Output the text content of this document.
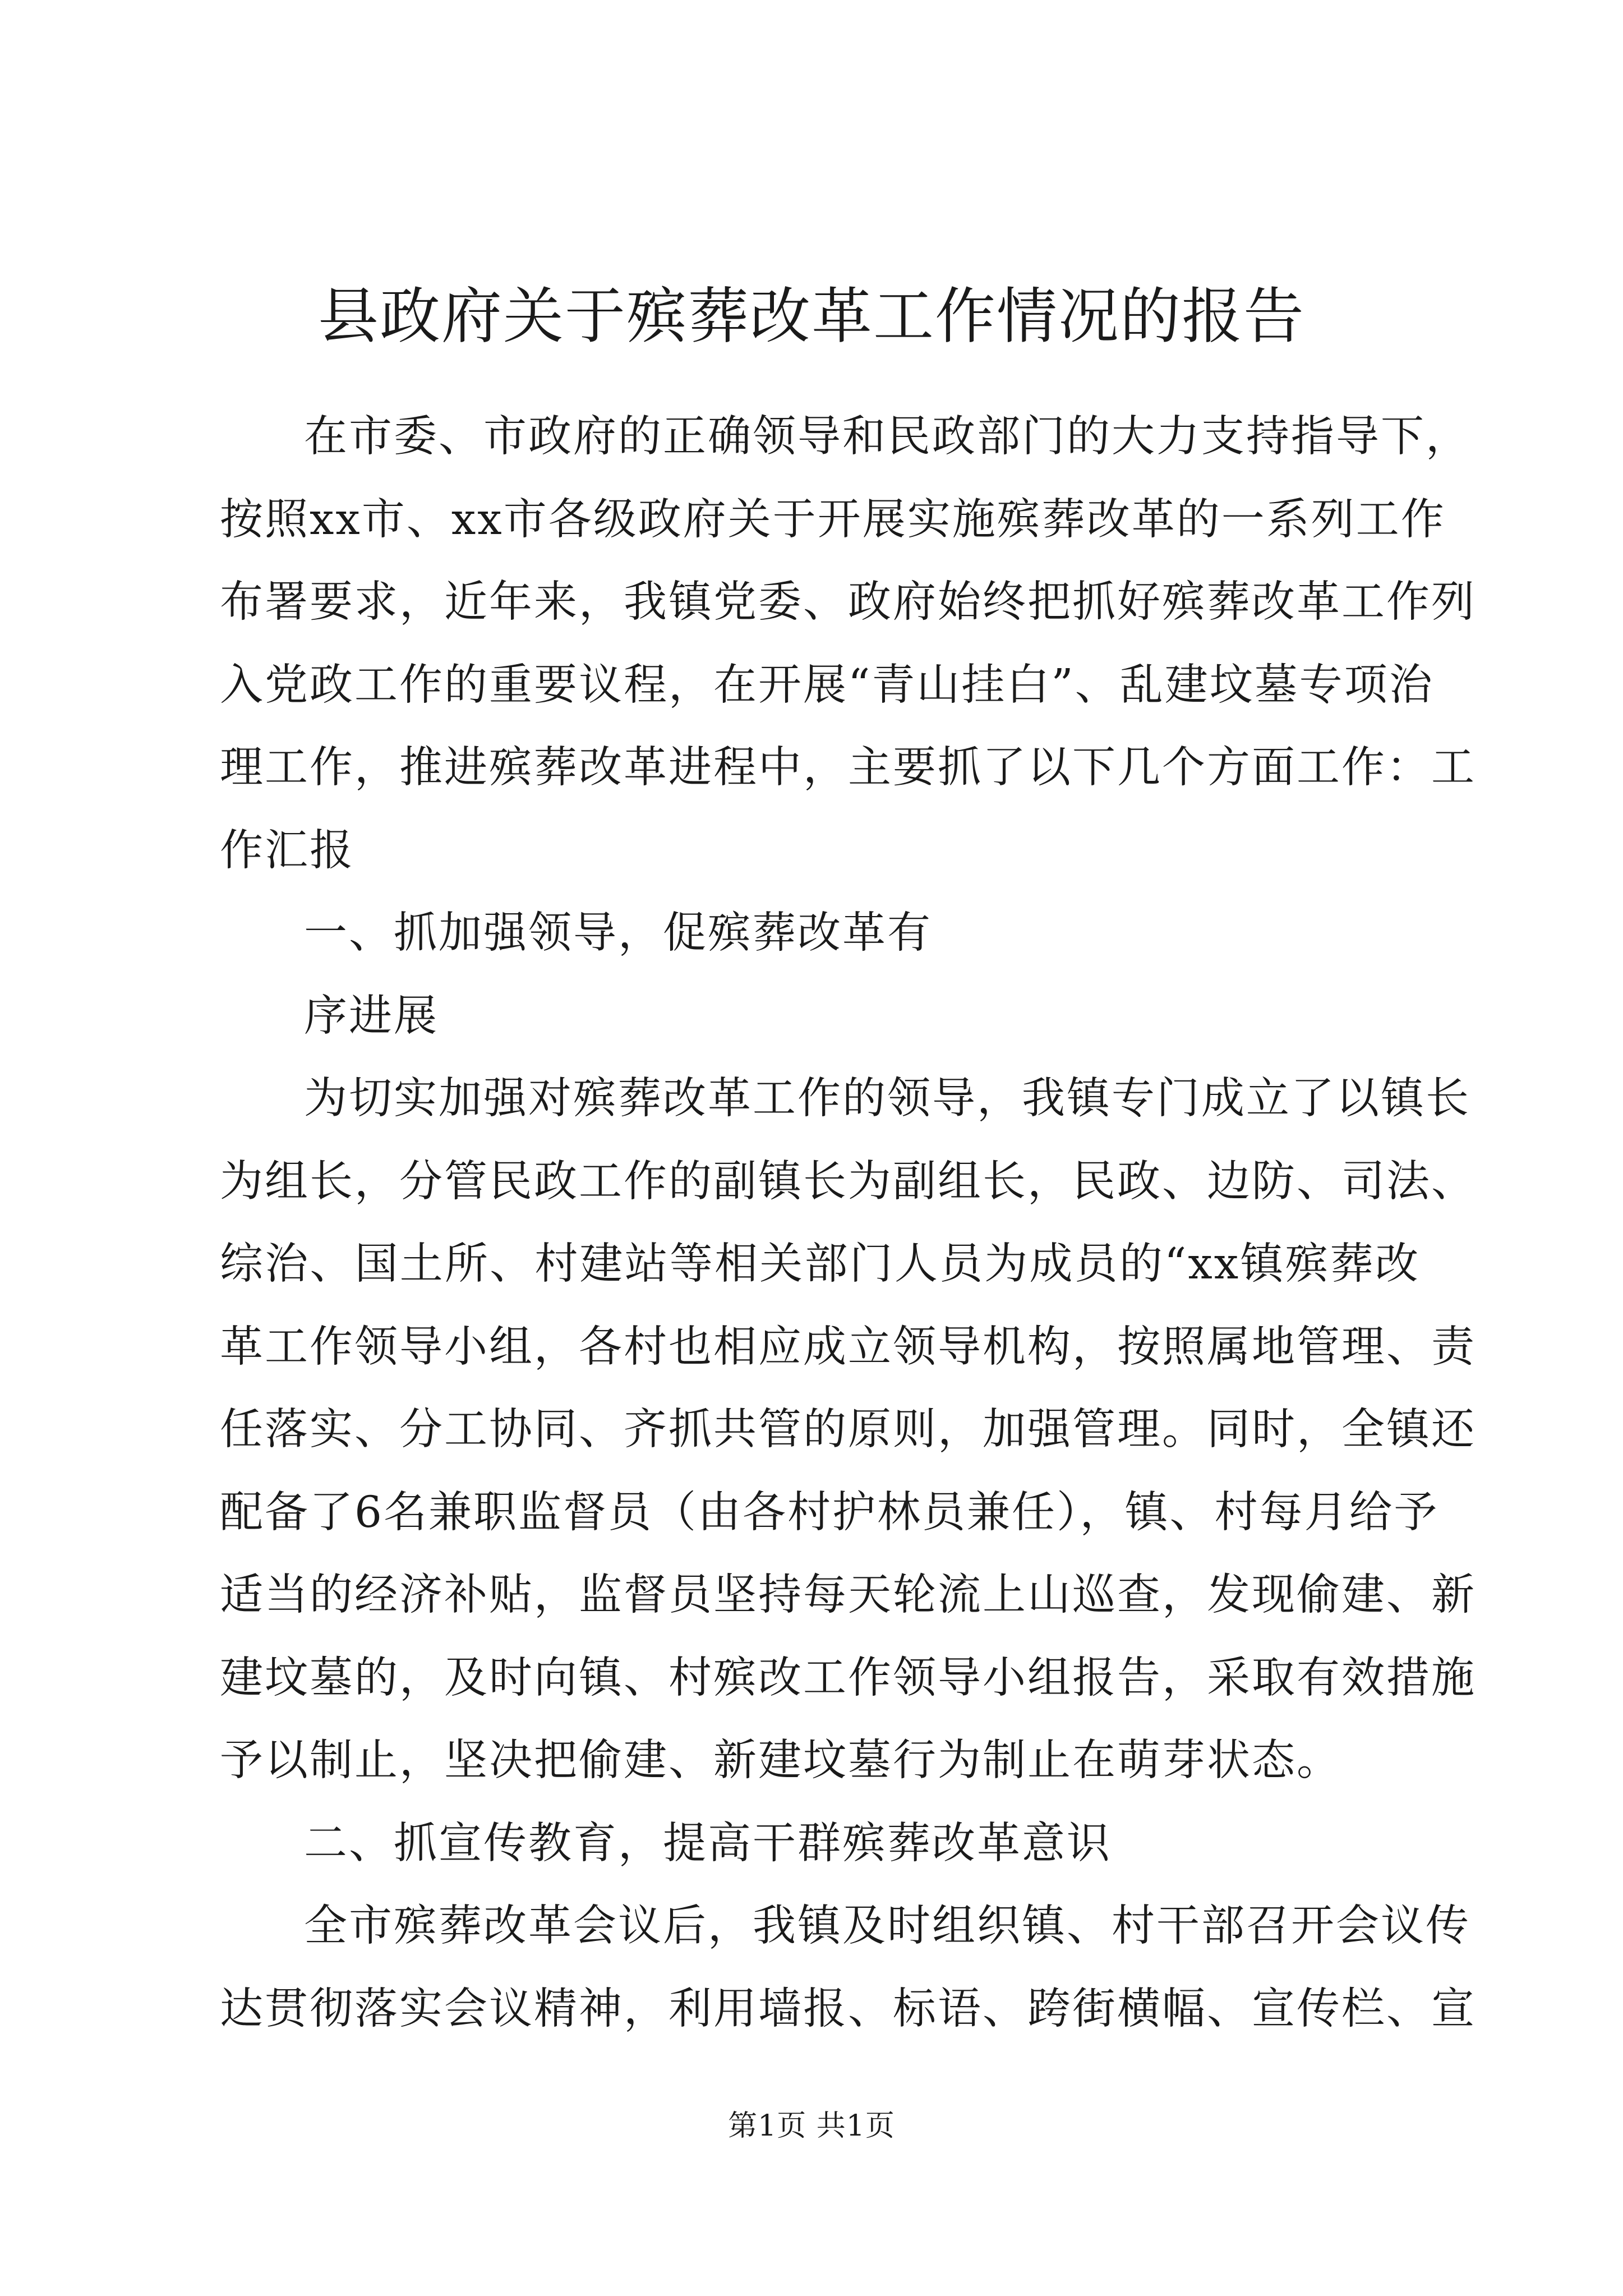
县政府关于殡葬改革工作情况的报告
在市委、市政府的正确领导和民政部门的大力支持指导下，
按照xx市、xx市各级政府关于开展实施殡葬改革的一系列工作
布署要求，近年来，我镇党委、政府始终把抓好殡葬改革工作列
入党政工作的重要议程，在开展“青山挂白”、乱建坟墓专项治
理工作，推进殡葬改革进程中，主要抓了以下几个方面工作：工
作汇报
一、抓加强领导，促殡葬改革有
序进展
为切实加强对殡葬改革工作的领导，我镇专门成立了以镇长
为组长，分管民政工作的副镇长为副组长，民政、边防、司法、
综治、国土所、村建站等相关部门人员为成员的“xx镇殡葬改
革工作领导小组，各村也相应成立领导机构，按照属地管理、责
任落实、分工协同、齐抓共管的原则，加强管理。同时，全镇还
配备了6名兼职监督员（由各村护林员兼任），镇、村每月给予
适当的经济补贴，监督员坚持每天轮流上山巡查，发现偷建、新
建坟墓的，及时向镇、村殡改工作领导小组报告，采取有效措施
予以制止，坚决把偷建、新建坟墓行为制止在萌芽状态。
二、抓宣传教育，提高干群殡葬改革意识
全市殡葬改革会议后，我镇及时组织镇、村干部召开会议传
达贯彻落实会议精神，利用墙报、标语、跨街横幅、宣传栏、宣
第1页 共1页
